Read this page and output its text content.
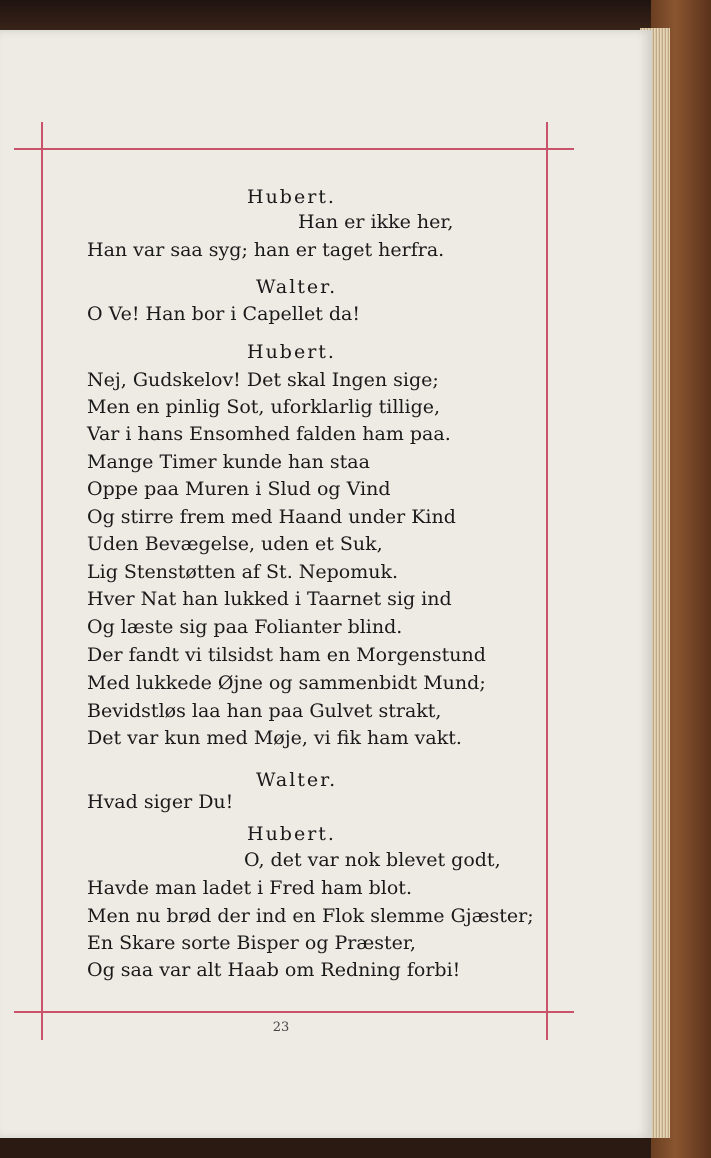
Hubert.
Han er ikke her,
Han var saa syg; han er taget herfra.
Walter.
O Ve! Han bor i Capellet da!
Hubert.
Nej, Gudskelov! Det skal Ingen sige;
Men en pinlig Sot, uforklarlig tillige,
Var i hans Ensomhed falden ham paa.
Mange Timer kunde han staa
Oppe paa Muren i Slud og Vind
Og stirre frem med Haand under Kind
Uden Bevægelse, uden et Suk,
Lig Stenstøtten af St. Nepomuk.
Hver Nat han lukked i Taarnet sig ind
Og læste sig paa Folianter blind.
Der fandt vi tilsidst ham en Morgenstund
Med lukkede Øjne og sammenbidt Mund;
Bevidstløs laa han paa Gulvet strakt,
Det var kun med Møje, vi fik ham vakt.
Walter.
Hvad siger Du!
Hubert.
O, det var nok blevet godt,
Havde man ladet i Fred ham blot.
Men nu brød der ind en Flok slemme Gjæster;
En Skare sorte Bisper og Præster,
Og saa var alt Haab om Redning forbi!
23
